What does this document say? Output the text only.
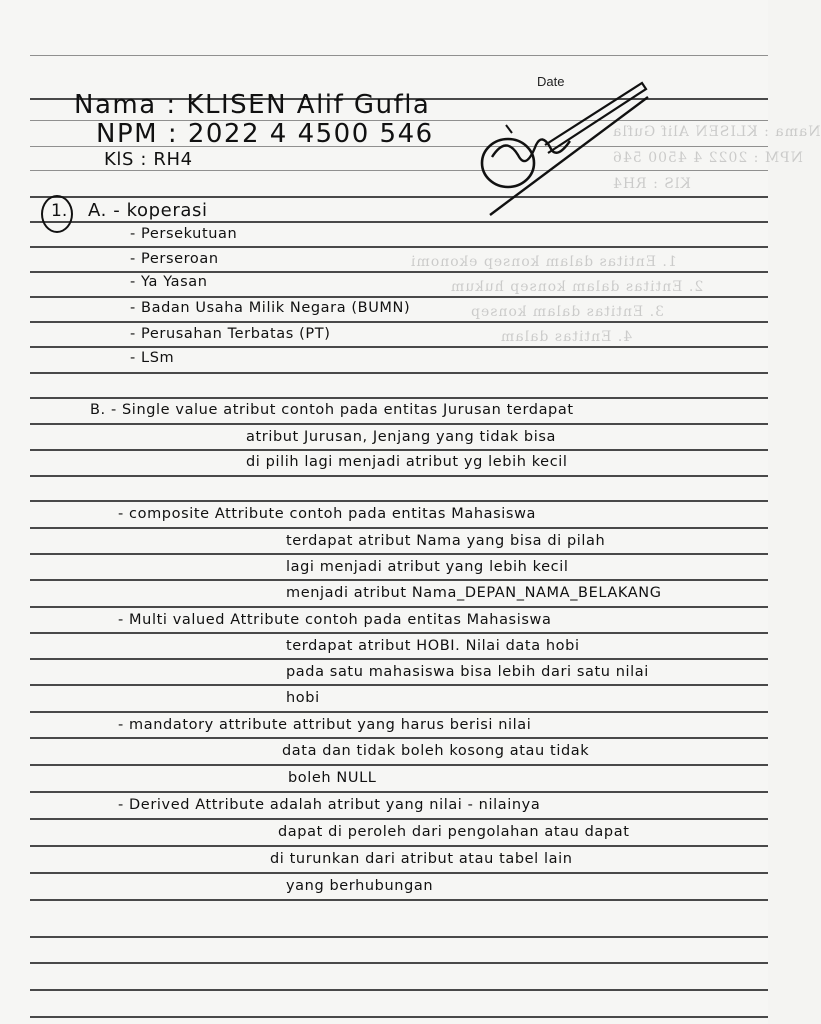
Date
Nama : KLISEN Alif Gufla
NPM : 2022 4 4500 546
KlS : RH4
1. Entitas dalam konsep ekonomi
2. Entitas dalam konsep hukum
3. Entitas dalam konsep
4. Entitas dalam
Nama : KLISEN Alif Gufla
NPM : 2022 4 4500 546
KlS : RH4
1. A. - koperasi
- Persekutuan
- Perseroan
- Ya Yasan
- Badan Usaha Milik Negara (BUMN)
- Perusahan Terbatas (PT)
- LSm
B. - Single value atribut contoh pada entitas Jurusan terdapat
atribut Jurusan, Jenjang yang tidak bisa
di pilih lagi menjadi atribut yg lebih kecil
- composite Attribute contoh pada entitas Mahasiswa
terdapat atribut Nama yang bisa di pilah
lagi menjadi atribut yang lebih kecil
menjadi atribut Nama_DEPAN_NAMA_BELAKANG
- Multi valued Attribute contoh pada entitas Mahasiswa
terdapat atribut HOBI. Nilai data hobi
pada satu mahasiswa bisa lebih dari satu nilai
hobi
- mandatory attribute attribut yang harus berisi nilai
data dan tidak boleh kosong atau tidak
boleh NULL
- Derived Attribute adalah atribut yang nilai - nilainya
dapat di peroleh dari pengolahan atau dapat
di turunkan dari atribut atau tabel lain
yang berhubungan
